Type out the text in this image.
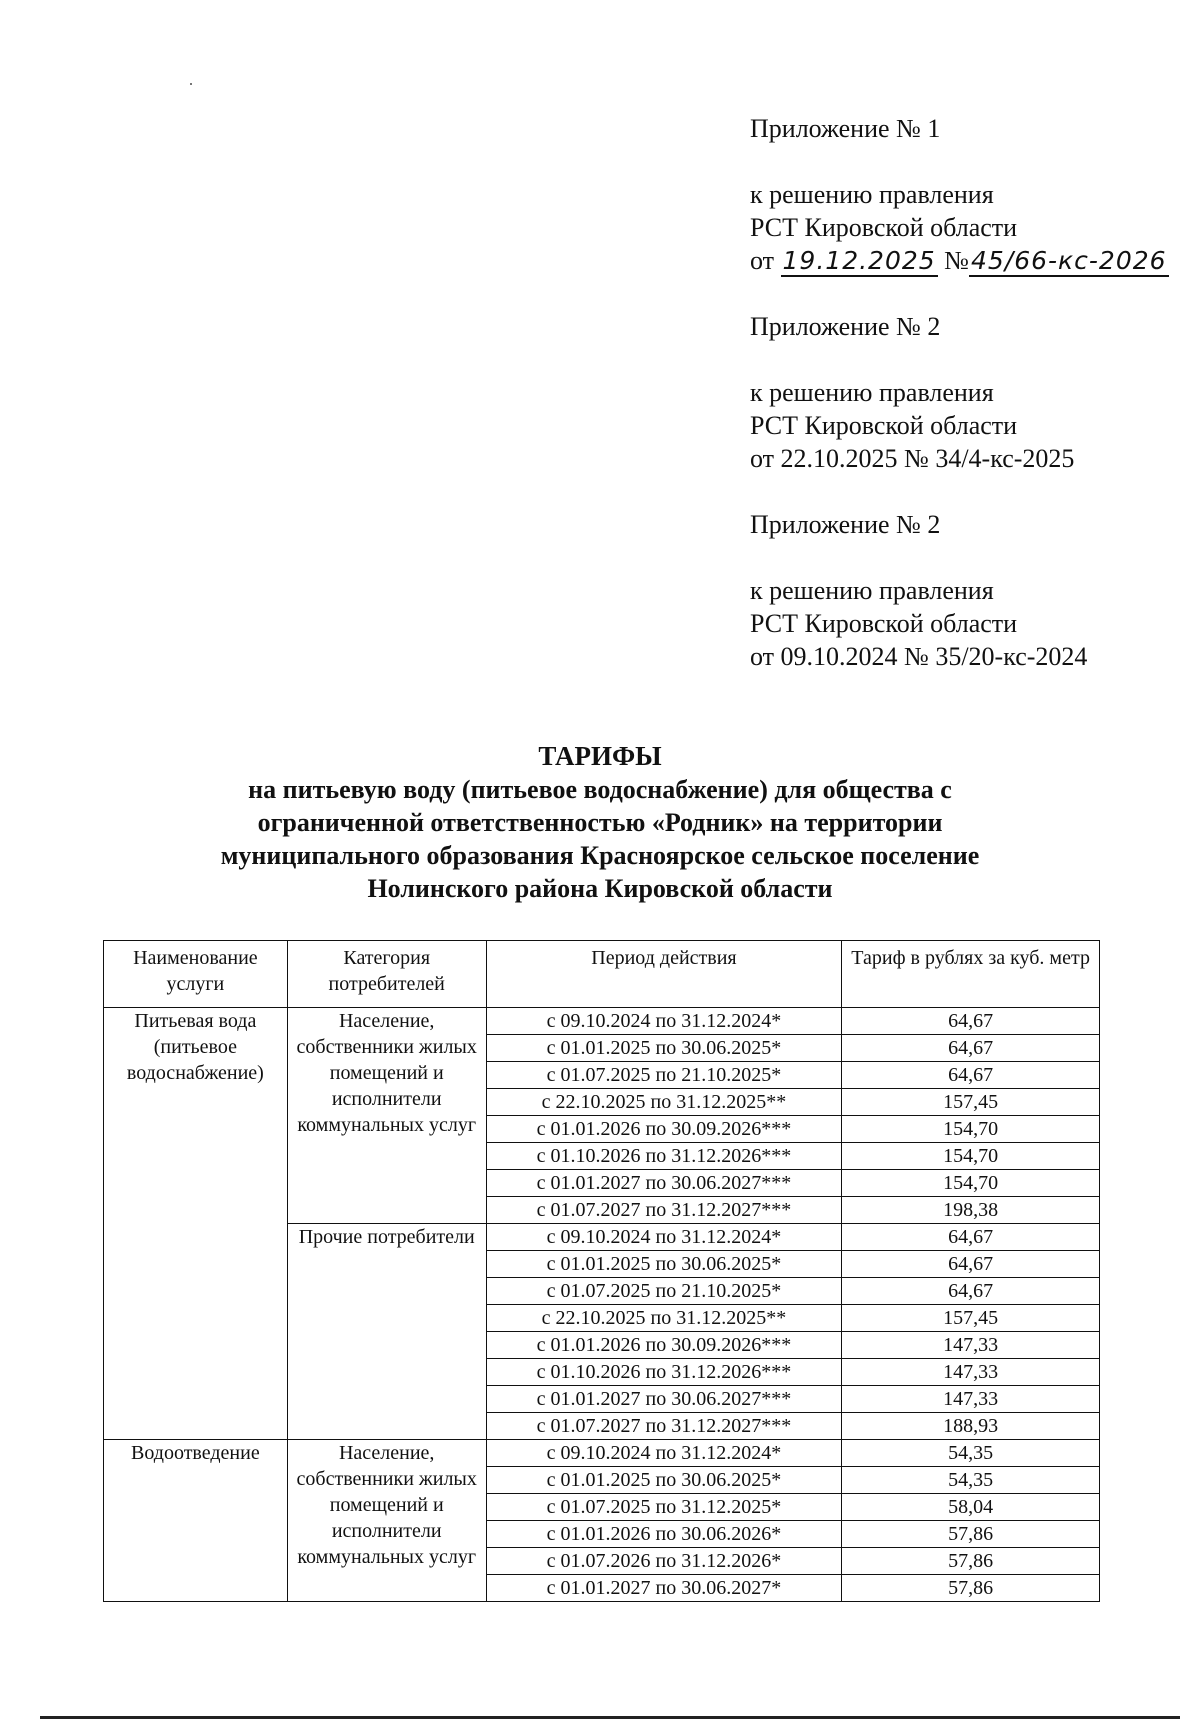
Приложение № 1
к решению правления
РСТ Кировской области
от 19.12.2025 №45/66-кс-2026
Приложение № 2
к решению правления
РСТ Кировской области
от 22.10.2025 № 34/4-кс-2025
Приложение № 2
к решению правления
РСТ Кировской области
от 09.10.2024 № 35/20-кс-2024
ТАРИФЫ
на питьевую воду (питьевое водоснабжение) для общества с
ограниченной ответственностью «Родник» на территории
муниципального образования Красноярское сельское поселение
Нолинского района Кировской области
Наименование услуги	Категория потребителей	Период действия	Тариф в рублях за куб. метр
Питьевая вода (питьевое водоснабжение)	Население, собственники жилых помещений и исполнители коммунальных услуг	с 09.10.2024 по 31.12.2024*	64,67
		с 01.01.2025 по 30.06.2025*	64,67
		с 01.07.2025 по 21.10.2025*	64,67
		с 22.10.2025 по 31.12.2025**	157,45
		с 01.01.2026 по 30.09.2026***	154,70
		с 01.10.2026 по 31.12.2026***	154,70
		с 01.01.2027 по 30.06.2027***	154,70
		с 01.07.2027 по 31.12.2027***	198,38
	Прочие потребители	с 09.10.2024 по 31.12.2024*	64,67
		с 01.01.2025 по 30.06.2025*	64,67
		с 01.07.2025 по 21.10.2025*	64,67
		с 22.10.2025 по 31.12.2025**	157,45
		с 01.01.2026 по 30.09.2026***	147,33
		с 01.10.2026 по 31.12.2026***	147,33
		с 01.01.2027 по 30.06.2027***	147,33
		с 01.07.2027 по 31.12.2027***	188,93
Водоотведение	Население, собственники жилых помещений и исполнители коммунальных услуг	с 09.10.2024 по 31.12.2024*	54,35
		с 01.01.2025 по 30.06.2025*	54,35
		с 01.07.2025 по 31.12.2025*	58,04
		с 01.01.2026 по 30.06.2026*	57,86
		с 01.07.2026 по 31.12.2026*	57,86
		с 01.01.2027 по 30.06.2027*	57,86
